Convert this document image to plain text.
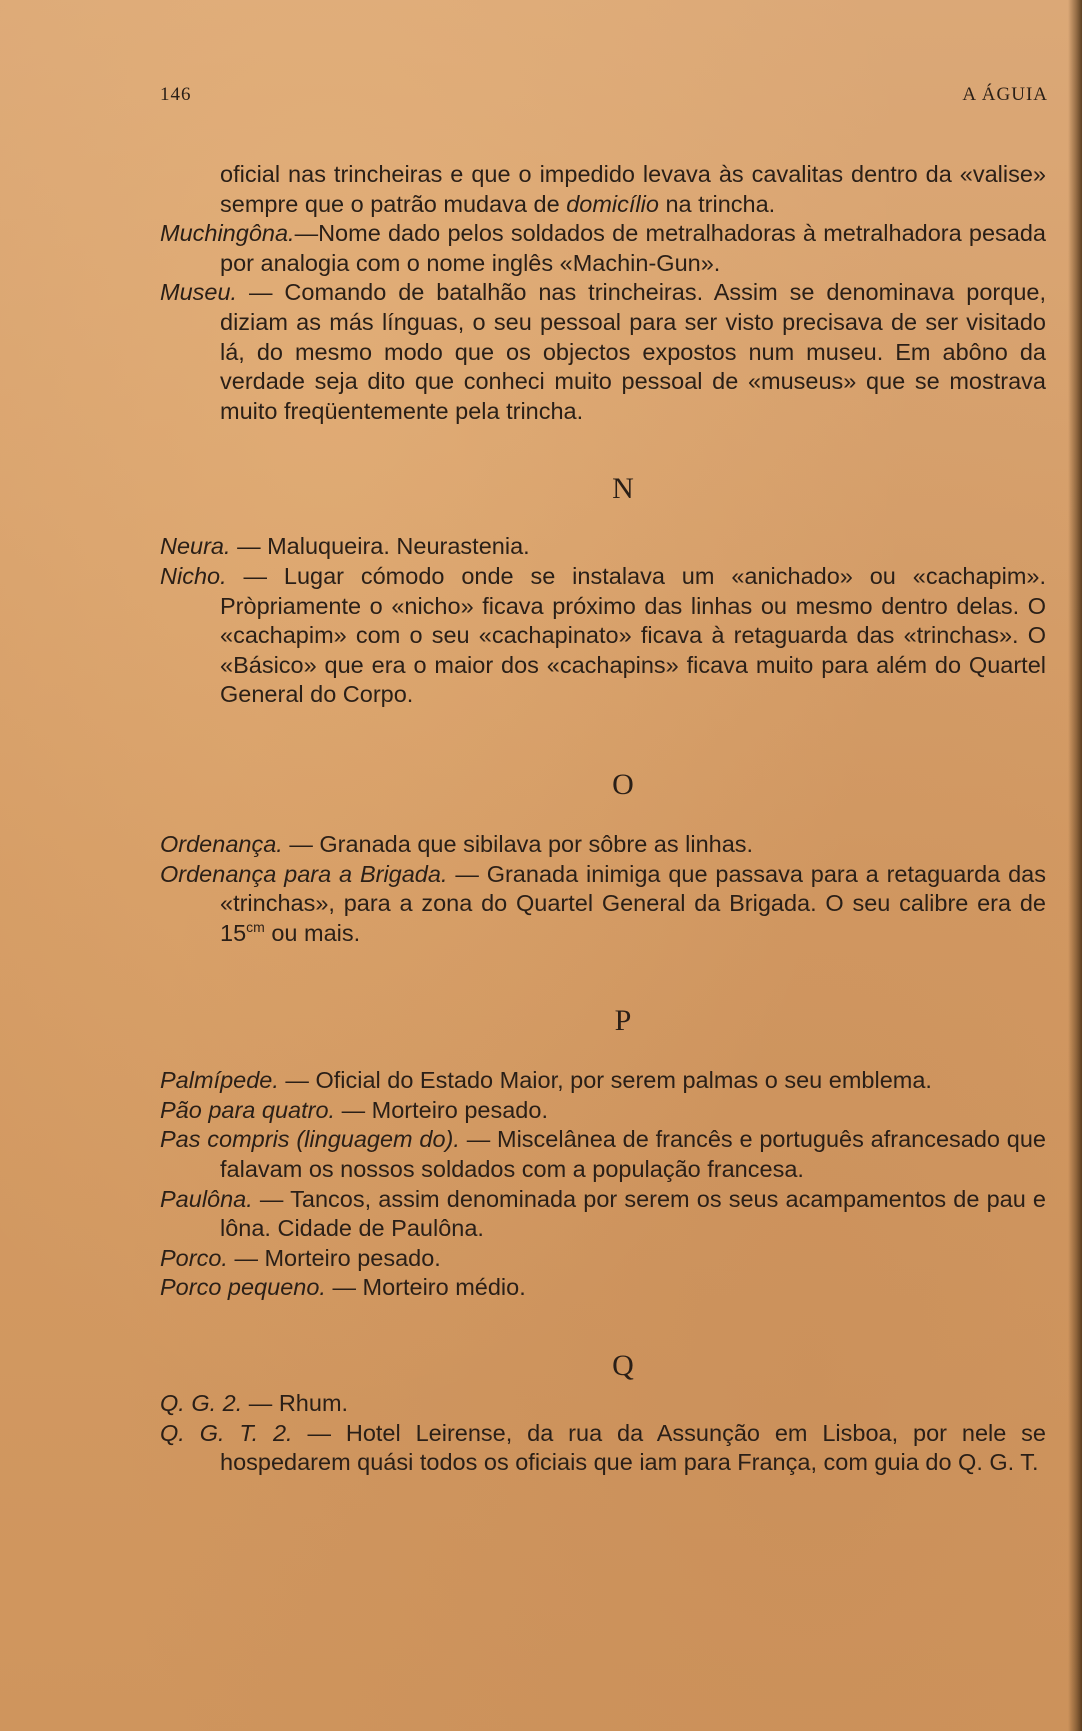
146	A ÁGUIA

oficial nas trincheiras e que o impedido levava às cavalitas dentro da «valise» sempre que o patrão mudava de domicílio na trincha.

Muchingôna.—Nome dado pelos soldados de metralhadoras à metralhadora pesada por analogia com o nome inglês «Machin-Gun».

Museu. — Comando de batalhão nas trincheiras. Assim se denominava porque, diziam as más línguas, o seu pessoal para ser visto precisava de ser visitado lá, do mesmo modo que os objectos expostos num museu. Em abôno da verdade seja dito que conheci muito pessoal de «museus» que se mostrava muito freqüentemente pela trincha.

N

Neura. — Maluqueira. Neurastenia.

Nicho. — Lugar cómodo onde se instalava um «anichado» ou «cachapim». Pròpriamente o «nicho» ficava próximo das linhas ou mesmo dentro delas. O «cachapim» com o seu «cachapinato» ficava à retaguarda das «trinchas». O «Básico» que era o maior dos «cachapins» ficava muito para além do Quartel General do Corpo.

O

Ordenança. — Granada que sibilava por sôbre as linhas.

Ordenança para a Brigada. — Granada inimiga que passava para a retaguarda das «trinchas», para a zona do Quartel General da Brigada. O seu calibre era de $15^{cm}$ ou mais.

P

Palmípede. — Oficial do Estado Maior, por serem palmas o seu emblema.

Pão para quatro. — Morteiro pesado.

Pas compris (linguagem do). — Miscelânea de francês e português afrancesado que falavam os nossos soldados com a população francesa.

Paulôna. — Tancos, assim denominada por serem os seus acampamentos de pau e lôna. Cidade de Paulôna.

Porco. — Morteiro pesado.

Porco pequeno. — Morteiro médio.

Q

Q. G. 2. — Rhum.

Q. G. T. 2. — Hotel Leirense, da rua da Assunção em Lisboa, por nele se hospedarem quási todos os oficiais que iam para França, com guia do Q. G. T.
